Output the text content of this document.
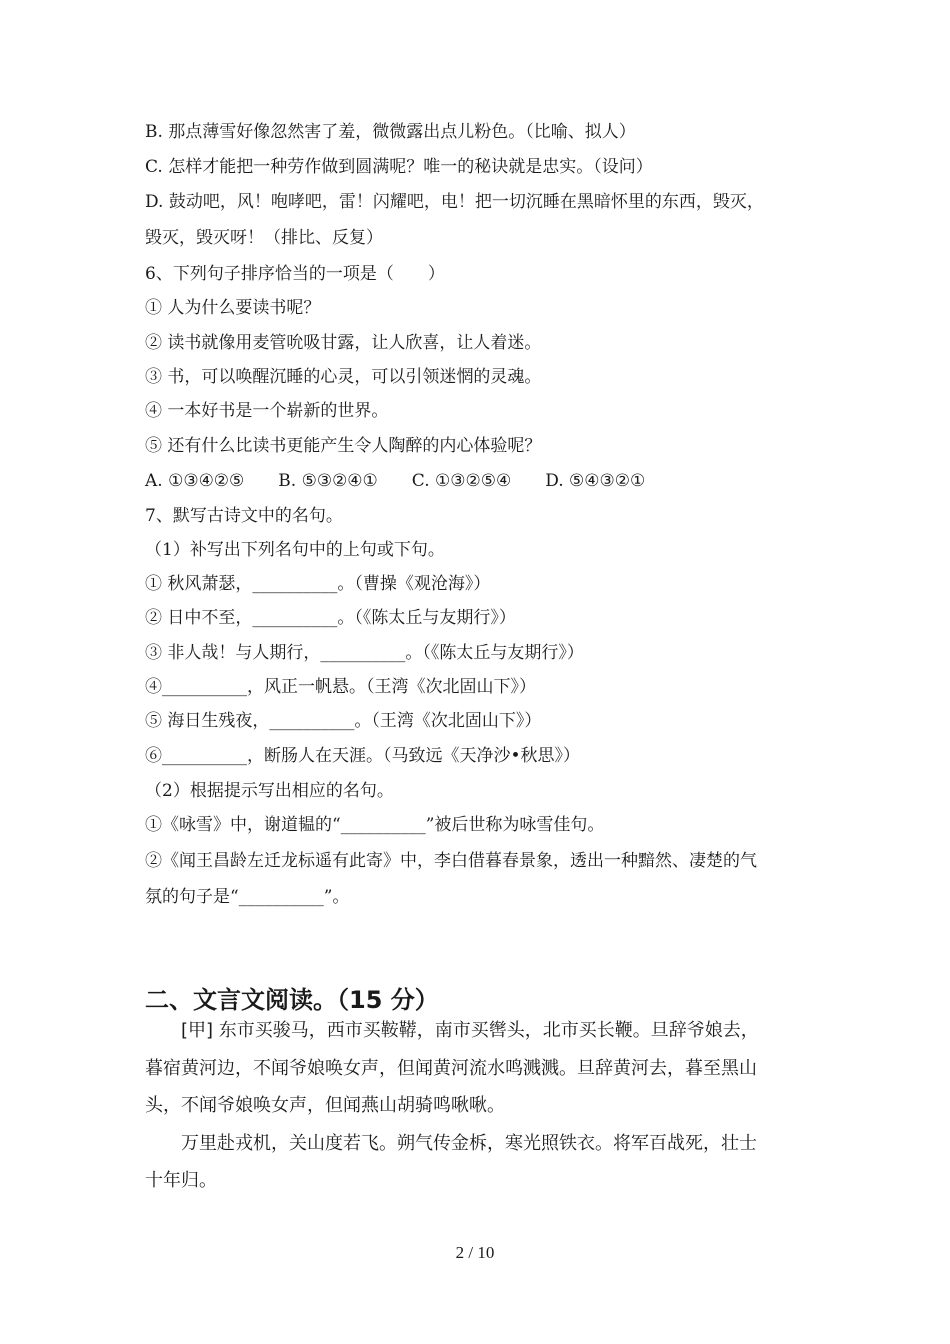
B. 那点薄雪好像忽然害了羞，微微露出点儿粉色。（比喻、拟人）
C. 怎样才能把一种劳作做到圆满呢？唯一的秘诀就是忠实。（设问）
D. 鼓动吧，风！咆哮吧，雷！闪耀吧，电！把一切沉睡在黑暗怀里的东西，毁灭，
毁灭，毁灭呀！（排比、反复）
6、下列句子排序恰当的一项是（　　）
① 人为什么要读书呢？
② 读书就像用麦管吮吸甘露，让人欣喜，让人着迷。
③ 书，可以唤醒沉睡的心灵，可以引领迷惘的灵魂。
④ 一本好书是一个崭新的世界。
⑤ 还有什么比读书更能产生令人陶醉的内心体验呢？
A. ①③④②⑤　　B. ⑤③②④①　　C. ①③②⑤④　　D. ⑤④③②①
7、默写古诗文中的名句。
（1）补写出下列名句中的上句或下句。
① 秋风萧瑟，__________。（曹操《观沧海》）
② 日中不至，__________。（《陈太丘与友期行》）
③ 非人哉！与人期行，__________。（《陈太丘与友期行》）
④__________，风正一帆悬。（王湾《次北固山下》）
⑤ 海日生残夜，__________。（王湾《次北固山下》）
⑥__________，断肠人在天涯。（马致远《天净沙•秋思》）
（2）根据提示写出相应的名句。
①《咏雪》中，谢道韫的“__________”被后世称为咏雪佳句。
②《闻王昌龄左迁龙标遥有此寄》中，李白借暮春景象，透出一种黯然、凄楚的气
氛的句子是“__________”。
二、文言文阅读。（15 分）
　　[甲] 东市买骏马，西市买鞍鞯，南市买辔头，北市买长鞭。旦辞爷娘去，
暮宿黄河边，不闻爷娘唤女声，但闻黄河流水鸣溅溅。旦辞黄河去，暮至黑山
头，不闻爷娘唤女声，但闻燕山胡骑鸣啾啾。
　　万里赴戎机，关山度若飞。朔气传金柝，寒光照铁衣。将军百战死，壮士
十年归。
2 / 10
